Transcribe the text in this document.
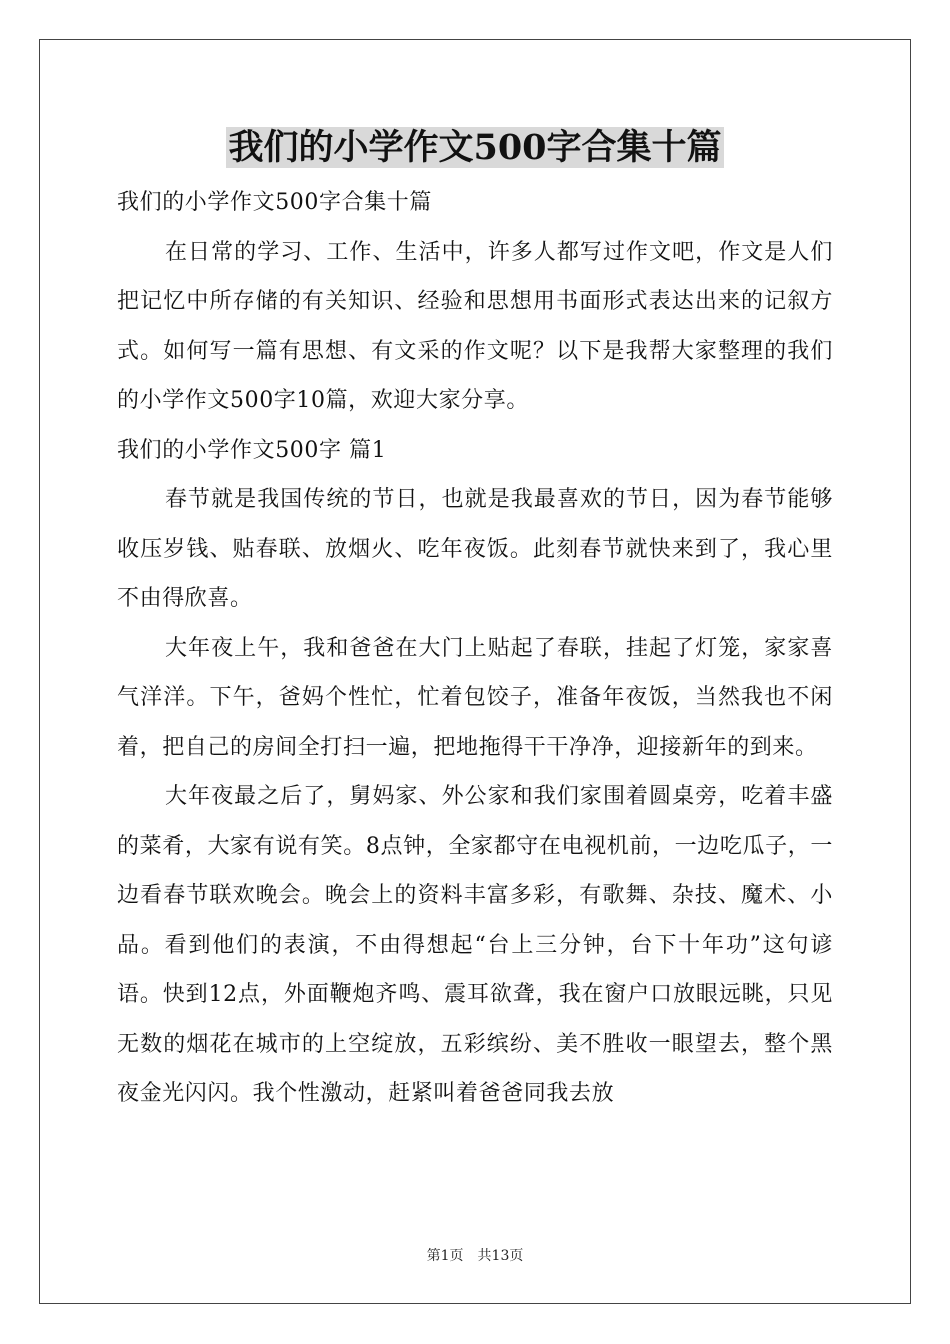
我们的小学作文500字合集十篇

我们的小学作文500字合集十篇

在日常的学习、工作、生活中，许多人都写过作文吧，作文是人们把记忆中所存储的有关知识、经验和思想用书面形式表达出来的记叙方式。如何写一篇有思想、有文采的作文呢？以下是我帮大家整理的我们的小学作文500字10篇，欢迎大家分享。

我们的小学作文500字 篇1

春节就是我国传统的节日，也就是我最喜欢的节日，因为春节能够收压岁钱、贴春联、放烟火、吃年夜饭。此刻春节就快来到了，我心里不由得欣喜。

大年夜上午，我和爸爸在大门上贴起了春联，挂起了灯笼，家家喜气洋洋。下午，爸妈个性忙，忙着包饺子，准备年夜饭，当然我也不闲着，把自己的房间全打扫一遍，把地拖得干干净净，迎接新年的到来。

大年夜最之后了，舅妈家、外公家和我们家围着圆桌旁，吃着丰盛的菜肴，大家有说有笑。8点钟，全家都守在电视机前，一边吃瓜子，一边看春节联欢晚会。晚会上的资料丰富多彩，有歌舞、杂技、魔术、小品。看到他们的表演，不由得想起“台上三分钟，台下十年功”这句谚语。快到12点，外面鞭炮齐鸣、震耳欲聋，我在窗户口放眼远眺，只见无数的烟花在城市的上空绽放，五彩缤纷、美不胜收一眼望去，整个黑夜金光闪闪。我个性激动，赶紧叫着爸爸同我去放

第1页　共13页
